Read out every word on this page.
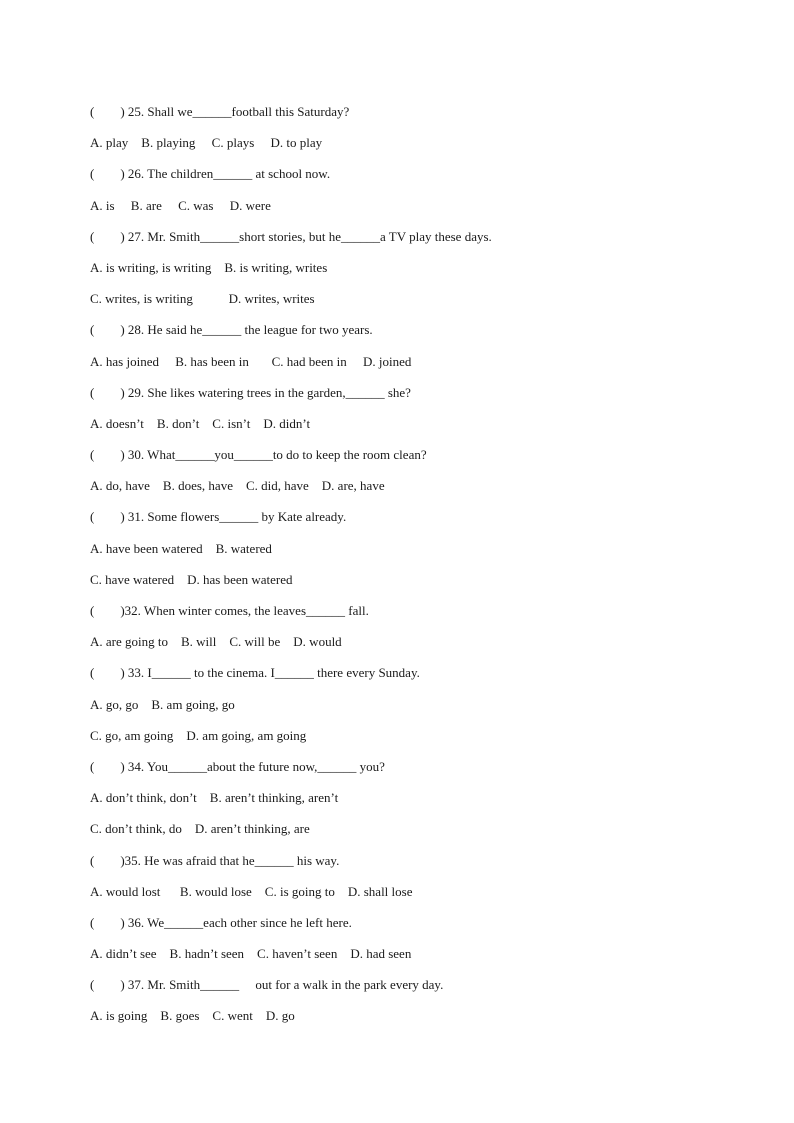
(        ) 25. Shall we______football this Saturday?
A. play    B. playing     C. plays     D. to play
(        ) 26. The children______ at school now.
A. is     B. are     C. was     D. were
(        ) 27. Mr. Smith______short stories, but he______a TV play these days.
A. is writing, is writing    B. is writing, writes
C. writes, is writing           D. writes, writes
(        ) 28. He said he______ the league for two years.
A. has joined     B. has been in       C. had been in     D. joined
(        ) 29. She likes watering trees in the garden,______ she?
A. doesn’t    B. don’t    C. isn’t    D. didn’t
(        ) 30. What______you______to do to keep the room clean?
A. do, have    B. does, have    C. did, have    D. are, have
(        ) 31. Some flowers______ by Kate already.
A. have been watered    B. watered
C. have watered    D. has been watered
(        )32. When winter comes, the leaves______ fall.
A. are going to    B. will    C. will be    D. would
(        ) 33. I______ to the cinema. I______ there every Sunday.
A. go, go    B. am going, go
C. go, am going    D. am going, am going
(        ) 34. You______about the future now,______ you?
A. don’t think, don’t    B. aren’t thinking, aren’t
C. don’t think, do    D. aren’t thinking, are
(        )35. He was afraid that he______ his way.
A. would lost      B. would lose    C. is going to    D. shall lose
(        ) 36. We______each other since he left here.
A. didn’t see    B. hadn’t seen    C. haven’t seen    D. had seen
(        ) 37. Mr. Smith______     out for a walk in the park every day.
A. is going    B. goes    C. went    D. go
